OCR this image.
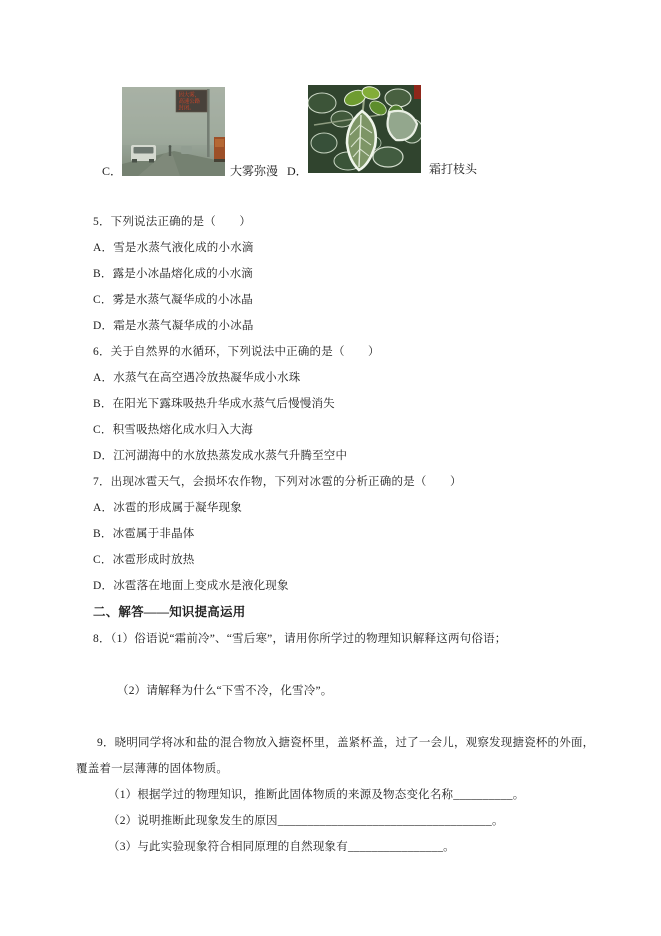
C．
因大雾，
高速公路
封闭。
大雾弥漫 D．	霜打枝头
5．下列说法正确的是（　　）
A．雪是水蒸气液化成的小水滴
B．露是小冰晶熔化成的小水滴
C．雾是水蒸气凝华成的小冰晶
D．霜是水蒸气凝华成的小冰晶
6．关于自然界的水循环，下列说法中正确的是（　　）
A．水蒸气在高空遇冷放热凝华成小水珠
B．在阳光下露珠吸热升华成水蒸气后慢慢消失
C．积雪吸热熔化成水归入大海
D．江河湖海中的水放热蒸发成水蒸气升腾至空中
7．出现冰雹天气，会损坏农作物，下列对冰雹的分析正确的是（　　）
A．冰雹的形成属于凝华现象
B．冰雹属于非晶体
C．冰雹形成时放热
D．冰雹落在地面上变成水是液化现象
二、解答——知识提高运用
8．（1）俗语说“霜前冷”、“雪后寒”，请用你所学过的物理知识解释这两句俗语；
（2）请解释为什么“下雪不冷，化雪冷”。
9．晓明同学将冰和盐的混合物放入搪瓷杯里，盖紧杯盖，过了一会儿，观察发现搪瓷杯的外面，
覆盖着一层薄薄的固体物质。
（1）根据学过的物理知识，推断此固体物质的来源及物态变化名称__________。
（2）说明推断此现象发生的原因____________________________________。
（3）与此实验现象符合相同原理的自然现象有________________。
